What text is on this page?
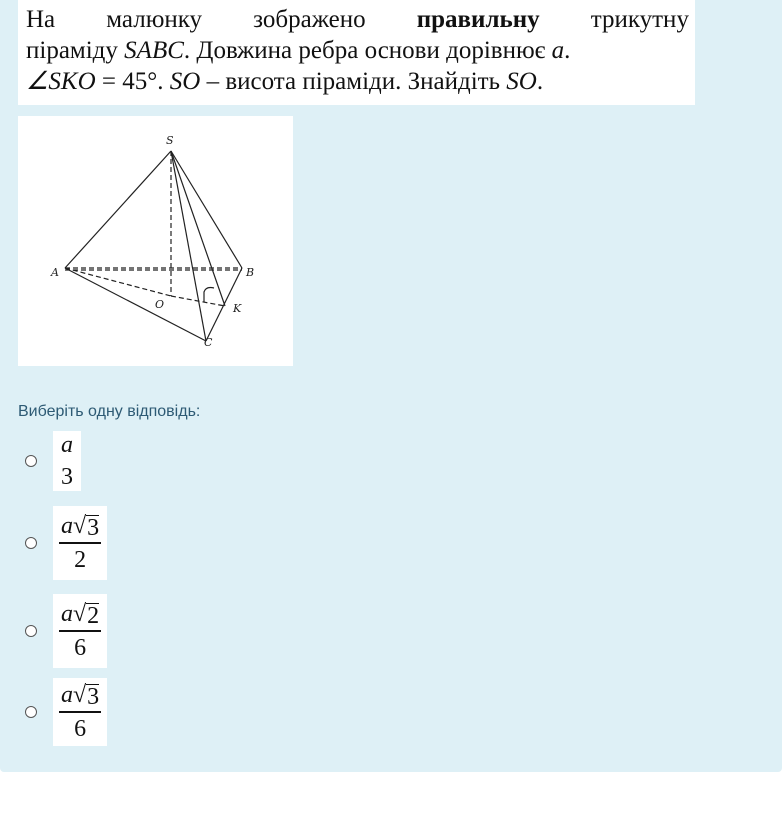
На малюнку зображено правильну трикутну
піраміду SABC. Довжина ребра основи дорівнює a.
∠SKO = 45°. SO – висота піраміди. Знайдіть SO.
S
A	B
O	K
C
Виберіть одну відповідь:
$\frac{a}{3}$
$\frac{a √ 3}{2}$
$\frac{a √ 2}{6}$
$\frac{a √ 3}{6}$
